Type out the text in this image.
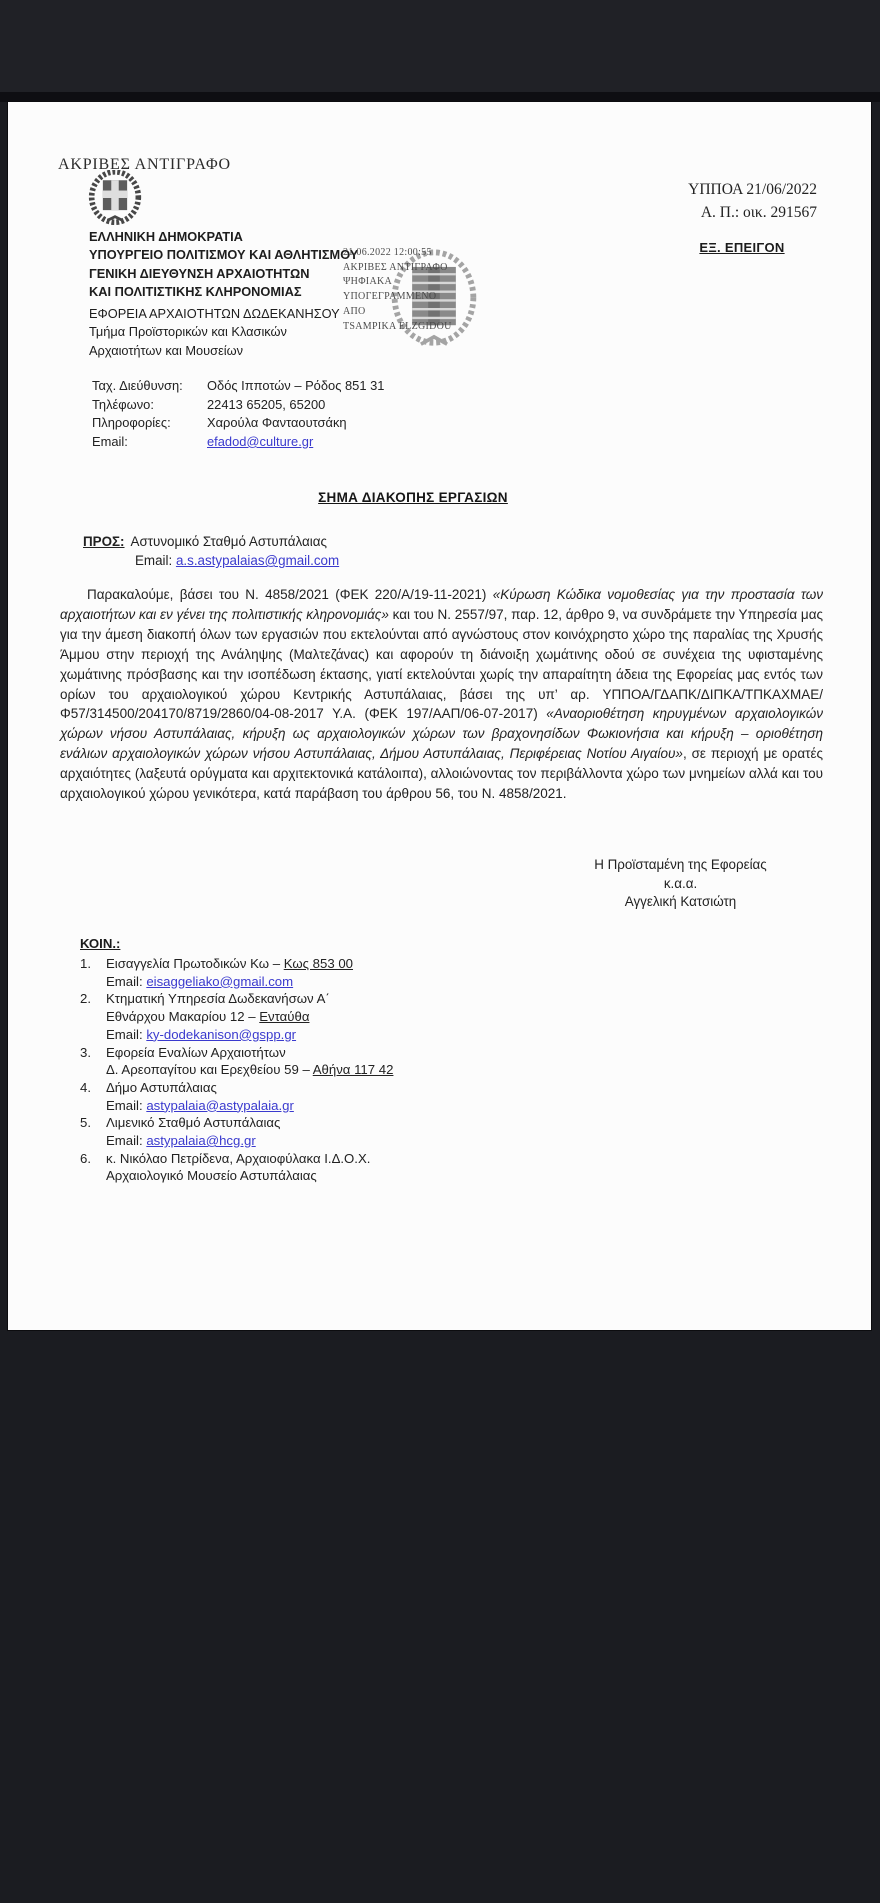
ΑΚΡΙΒΕΣ ΑΝΤΙΓΡΑΦΟ
ΕΛΛΗΝΙΚΗ ΔΗΜΟΚΡΑΤΙΑ
ΥΠΟΥΡΓΕΙΟ ΠΟΛΙΤΙΣΜΟΥ ΚΑΙ ΑΘΛΗΤΙΣΜΟΥ
ΓΕΝΙΚΗ ΔΙΕΥΘΥΝΣΗ ΑΡΧΑΙΟΤΗΤΩΝ
ΚΑΙ ΠΟΛΙΤΙΣΤΙΚΗΣ ΚΛΗΡΟΝΟΜΙΑΣ
ΕΦΟΡΕΙΑ ΑΡΧΑΙΟΤΗΤΩΝ ΔΩΔΕΚΑΝΗΣΟΥ
Τμήμα Προϊστορικών και Κλασικών
Αρχαιοτήτων και Μουσείων
21.06.2022 12:00:55
ΑΚΡΙΒΕΣ ΑΝΤΙΓΡΑΦΟ
ΨΗΦΙΑΚΑ
ΥΠΟΓΕΓΡΑΜΜΕΝΟ
ΑΠΟ
TSAMPIKA ELZGIDOU
ΥΠΠΟΑ 21/06/2022
Α. Π.: οικ. 291567
ΕΞ. ΕΠΕΙΓΟΝ
Ταχ. Διεύθυνση: Οδός Ιπποτών – Ρόδος 851 31
Τηλέφωνο:	22413 65205, 65200
Πληροφορίες:	Χαρούλα Φανταουτσάκη
Email:	efadod@culture.gr
ΣΗΜΑ ΔΙΑΚΟΠΗΣ ΕΡΓΑΣΙΩΝ
ΠΡΟΣ: Αστυνομικό Σταθμό Αστυπάλαιας
Email: a.s.astypalaias@gmail.com

Παρακαλούμε, βάσει του Ν. 4858/2021 (ΦΕΚ 220/Α/19-11-2021) «Κύρωση Κώδικα νομοθεσίας για την προστασία των αρχαιοτήτων και εν γένει της πολιτιστικής κληρονομιάς» και του Ν. 2557/97, παρ. 12, άρθρο 9, να συνδράμετε την Υπηρεσία μας για την άμεση διακοπή όλων των εργασιών που εκτελούνται από αγνώστους στον κοινόχρηστο χώρο της παραλίας της Χρυσής Άμμου στην περιοχή της Ανάληψης (Μαλτεζάνας) και αφορούν τη διάνοιξη χωμάτινης οδού σε συνέχεια της υφισταμένης χωμάτινης πρόσβασης και την ισοπέδωση έκτασης, γιατί εκτελούνται χωρίς την απαραίτητη άδεια της Εφορείας μας εντός των ορίων του αρχαιολογικού χώρου Κεντρικής Αστυπάλαιας, βάσει της υπ’ αρ. ΥΠΠΟΑ/ΓΔΑΠΚ/ΔΙΠΚΑ/ΤΠΚΑΧΜΑΕ/Φ57/314500/204170/8719/2860/04-08-2017 Υ.Α. (ΦΕΚ 197/ΑΑΠ/06-07-2017) «Αναοριοθέτηση κηρυγμένων αρχαιολογικών χώρων νήσου Αστυπάλαιας, κήρυξη ως αρχαιολογικών χώρων των βραχονησίδων Φωκιονήσια και κήρυξη – οριοθέτηση ενάλιων αρχαιολογικών χώρων νήσου Αστυπάλαιας, Δήμου Αστυπάλαιας, Περιφέρειας Νοτίου Αιγαίου», σε περιοχή με ορατές αρχαιότητες (λαξευτά ορύγματα και αρχιτεκτονικά κατάλοιπα), αλλοιώνοντας τον περιβάλλοντα χώρο των μνημείων αλλά και του αρχαιολογικού χώρου γενικότερα, κατά παράβαση του άρθρου 56, του Ν. 4858/2021.

Η Προϊσταμένη της Εφορείας
κ.α.α.
Αγγελική Κατσιώτη
ΚΟΙΝ.:
1.	Εισαγγελία Πρωτοδικών Κω – Κως 853 00
Email: eisaggeliako@gmail.com
2.	Κτηματική Υπηρεσία Δωδεκανήσων Α΄
Εθνάρχου Μακαρίου 12 – Ενταύθα
Email: ky-dodekanison@gspp.gr
3.	Εφορεία Εναλίων Αρχαιοτήτων
Δ. Αρεοπαγίτου και Ερεχθείου 59 – Αθήνα 117 42
4.	Δήμο Αστυπάλαιας
Email: astypalaia@astypalaia.gr
5.	Λιμενικό Σταθμό Αστυπάλαιας
Email: astypalaia@hcg.gr
6.	κ. Νικόλαο Πετρίδενα, Αρχαιοφύλακα Ι.Δ.Ο.Χ.
Αρχαιολογικό Μουσείο Αστυπάλαιας
